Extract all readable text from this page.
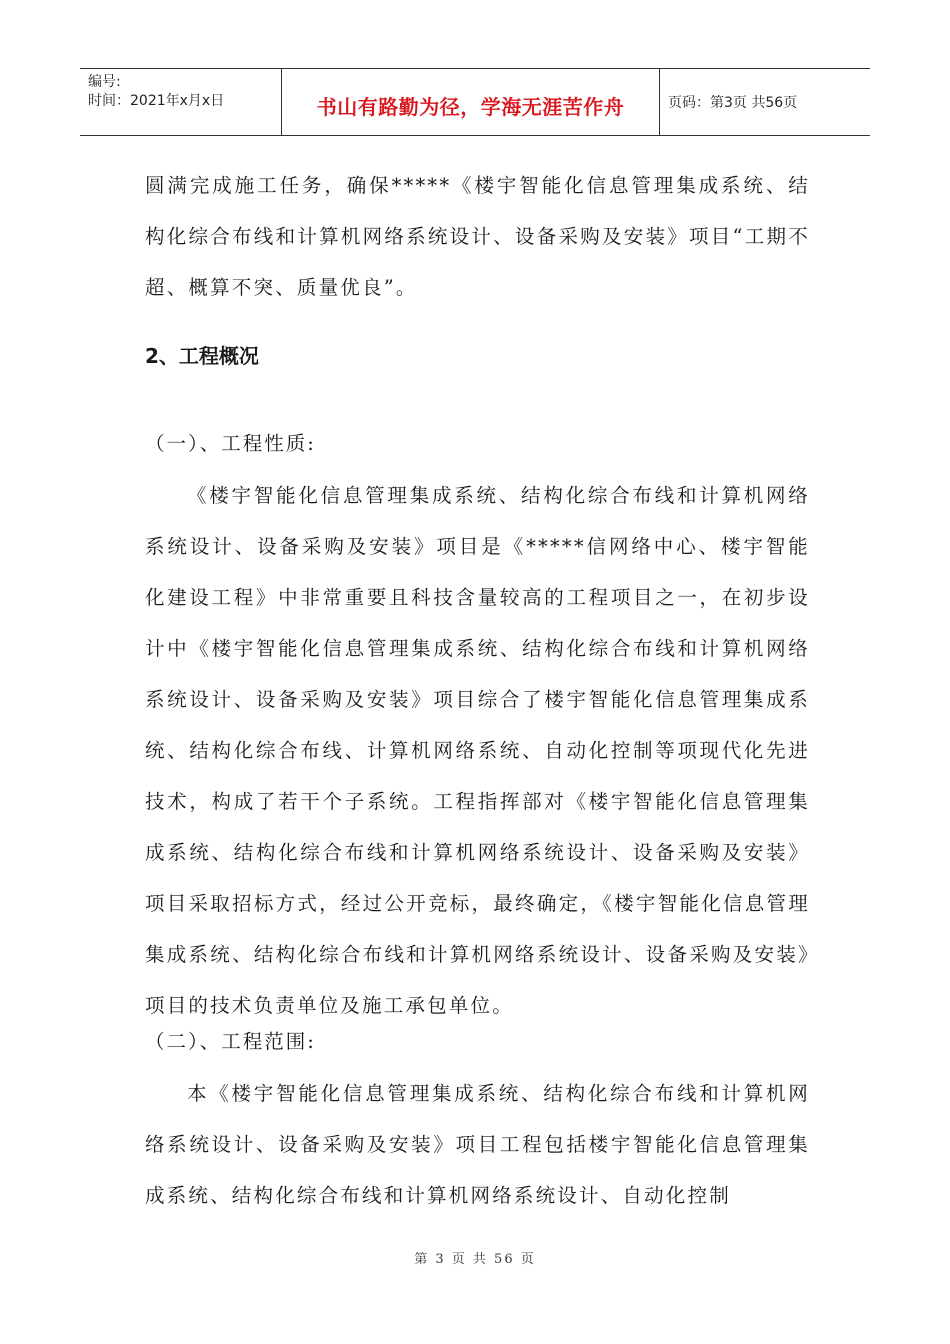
编号:
时间：2021年x月x日	书山有路勤为径，学海无涯苦作舟	页码：第3页 共56页

圆满完成施工任务，确保*****《楼宇智能化信息管理集成系统、结构化综合布线和计算机网络系统设计、设备采购及安装》项目“工期不超、概算不突、质量优良”。

2、工程概况

（一）、工程性质:

《楼宇智能化信息管理集成系统、结构化综合布线和计算机网络系统设计、设备采购及安装》项目是《*****信网络中心、楼宇智能化建设工程》中非常重要且科技含量较高的工程项目之一，在初步设计中《楼宇智能化信息管理集成系统、结构化综合布线和计算机网络系统设计、设备采购及安装》项目综合了楼宇智能化信息管理集成系统、结构化综合布线、计算机网络系统、自动化控制等项现代化先进技术，构成了若干个子系统。工程指挥部对《楼宇智能化信息管理集成系统、结构化综合布线和计算机网络系统设计、设备采购及安装》项目采取招标方式，经过公开竞标，最终确定，《楼宇智能化信息管理集成系统、结构化综合布线和计算机网络系统设计、设备采购及安装》项目的技术负责单位及施工承包单位。

（二）、工程范围:

本《楼宇智能化信息管理集成系统、结构化综合布线和计算机网络系统设计、设备采购及安装》项目工程包括楼宇智能化信息管理集成系统、结构化综合布线和计算机网络系统设计、自动化控制

第 3 页 共 56 页
